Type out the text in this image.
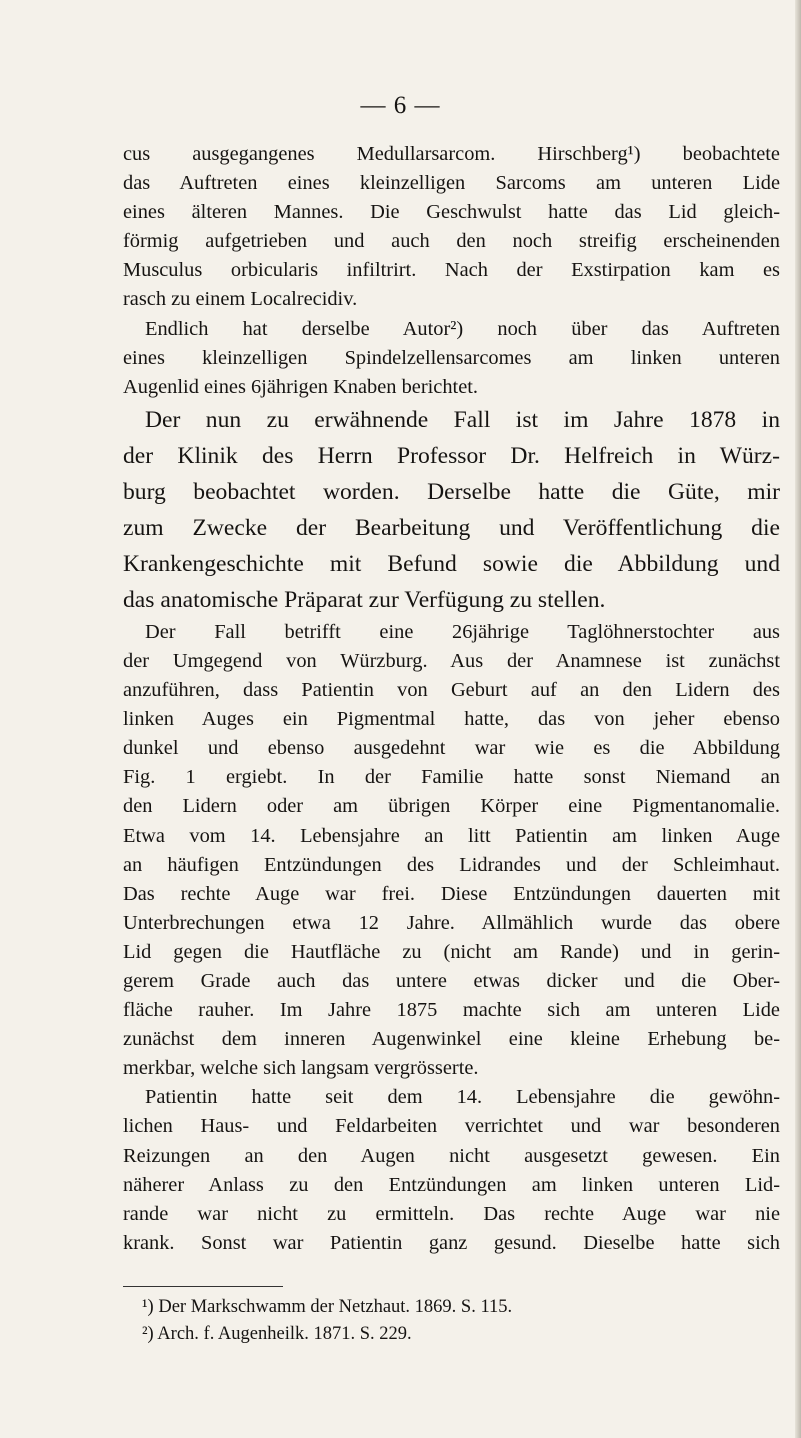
— 6 —
cus ausgegangenes Medullarsarcom. Hirschberg¹) beobachtete
das Auftreten eines kleinzelligen Sarcoms am unteren Lide
eines älteren Mannes. Die Geschwulst hatte das Lid gleich-
förmig aufgetrieben und auch den noch streifig erscheinenden
Musculus orbicularis infiltrirt. Nach der Exstirpation kam es
rasch zu einem Localrecidiv.
Endlich hat derselbe Autor²) noch über das Auftreten
eines kleinzelligen Spindelzellensarcomes am linken unteren
Augenlid eines 6jährigen Knaben berichtet.
Der nun zu erwähnende Fall ist im Jahre 1878 in
der Klinik des Herrn Professor Dr. Helfreich in Würz-
burg beobachtet worden. Derselbe hatte die Güte, mir
zum Zwecke der Bearbeitung und Veröffentlichung die
Krankengeschichte mit Befund sowie die Abbildung und
das anatomische Präparat zur Verfügung zu stellen.
Der Fall betrifft eine 26jährige Taglöhnerstochter aus
der Umgegend von Würzburg. Aus der Anamnese ist zunächst
anzuführen, dass Patientin von Geburt auf an den Lidern des
linken Auges ein Pigmentmal hatte, das von jeher ebenso
dunkel und ebenso ausgedehnt war wie es die Abbildung
Fig. 1 ergiebt. In der Familie hatte sonst Niemand an
den Lidern oder am übrigen Körper eine Pigmentanomalie.
Etwa vom 14. Lebensjahre an litt Patientin am linken Auge
an häufigen Entzündungen des Lidrandes und der Schleimhaut.
Das rechte Auge war frei. Diese Entzündungen dauerten mit
Unterbrechungen etwa 12 Jahre. Allmählich wurde das obere
Lid gegen die Hautfläche zu (nicht am Rande) und in gerin-
gerem Grade auch das untere etwas dicker und die Ober-
fläche rauher. Im Jahre 1875 machte sich am unteren Lide
zunächst dem inneren Augenwinkel eine kleine Erhebung be-
merkbar, welche sich langsam vergrösserte.
Patientin hatte seit dem 14. Lebensjahre die gewöhn-
lichen Haus- und Feldarbeiten verrichtet und war besonderen
Reizungen an den Augen nicht ausgesetzt gewesen. Ein
näherer Anlass zu den Entzündungen am linken unteren Lid-
rande war nicht zu ermitteln. Das rechte Auge war nie
krank. Sonst war Patientin ganz gesund. Dieselbe hatte sich
¹) Der Markschwamm der Netzhaut. 1869. S. 115.
²) Arch. f. Augenheilk. 1871. S. 229.
